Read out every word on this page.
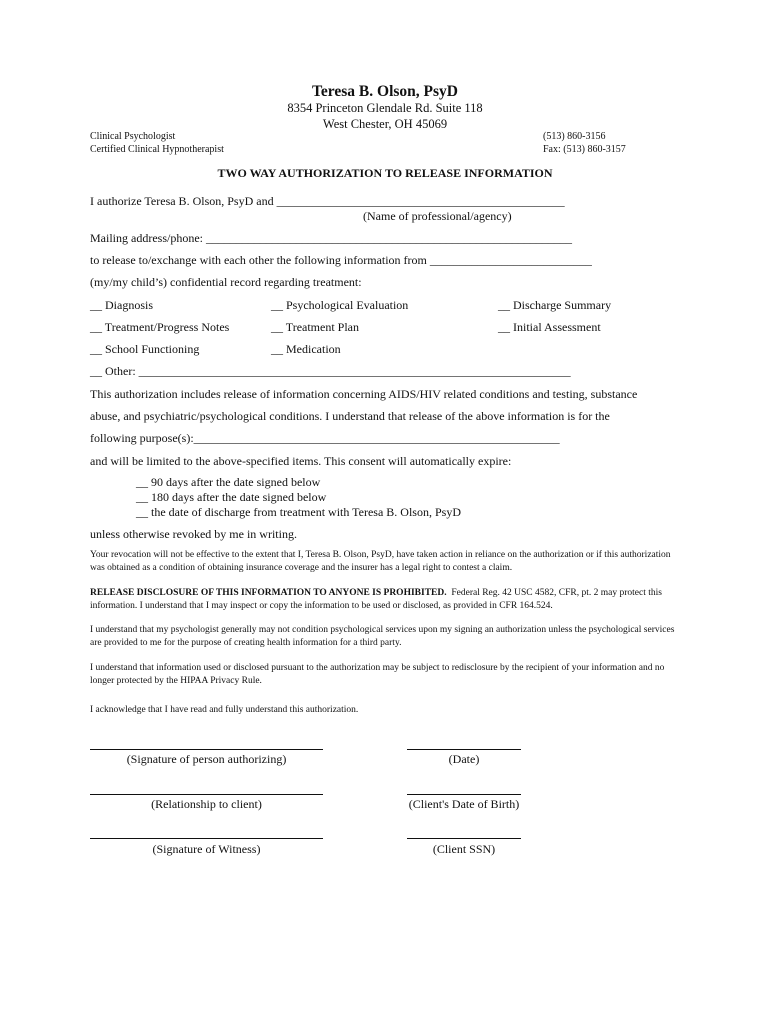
Teresa B. Olson, PsyD
8354 Princeton Glendale Rd. Suite 118
West Chester, OH 45069
Clinical Psychologist
Certified Clinical Hypnotherapist
(513) 860-3156
Fax: (513) 860-3157
TWO WAY AUTHORIZATION TO RELEASE INFORMATION
I authorize Teresa B. Olson, PsyD and ________________________________________________
(Name of professional/agency)
Mailing address/phone: _____________________________________________________________
to release to/exchange with each other the following information from ___________________________
(my/my child’s) confidential record regarding treatment:
__ Diagnosis	__ Psychological Evaluation	__ Discharge Summary
__ Treatment/Progress Notes	__ Treatment Plan	__ Initial Assessment
__ School Functioning	__ Medication
__ Other: ________________________________________________________________________
This authorization includes release of information concerning AIDS/HIV related conditions and testing, substance
abuse, and psychiatric/psychological conditions. I understand that release of the above information is for the
following purpose(s):_____________________________________________________________
and will be limited to the above-specified items. This consent will automatically expire:
__ 90 days after the date signed below
__ 180 days after the date signed below
__ the date of discharge from treatment with Teresa B. Olson, PsyD
unless otherwise revoked by me in writing.
Your revocation will not be effective to the extent that I, Teresa B. Olson, PsyD, have taken action in reliance on the authorization or if this authorization was obtained as a condition of obtaining insurance coverage and the insurer has a legal right to contest a claim.
RELEASE DISCLOSURE OF THIS INFORMATION TO ANYONE IS PROHIBITED. Federal Reg. 42 USC 4582, CFR, pt. 2 may protect this information. I understand that I may inspect or copy the information to be used or disclosed, as provided in CFR 164.524.
I understand that my psychologist generally may not condition psychological services upon my signing an authorization unless the psychological services are provided to me for the purpose of creating health information for a third party.
I understand that information used or disclosed pursuant to the authorization may be subject to redisclosure by the recipient of your information and no longer protected by the HIPAA Privacy Rule.
I acknowledge that I have read and fully understand this authorization.
(Signature of person authorizing)	(Date)
(Relationship to client)	(Client's Date of Birth)
(Signature of Witness)	(Client SSN)
